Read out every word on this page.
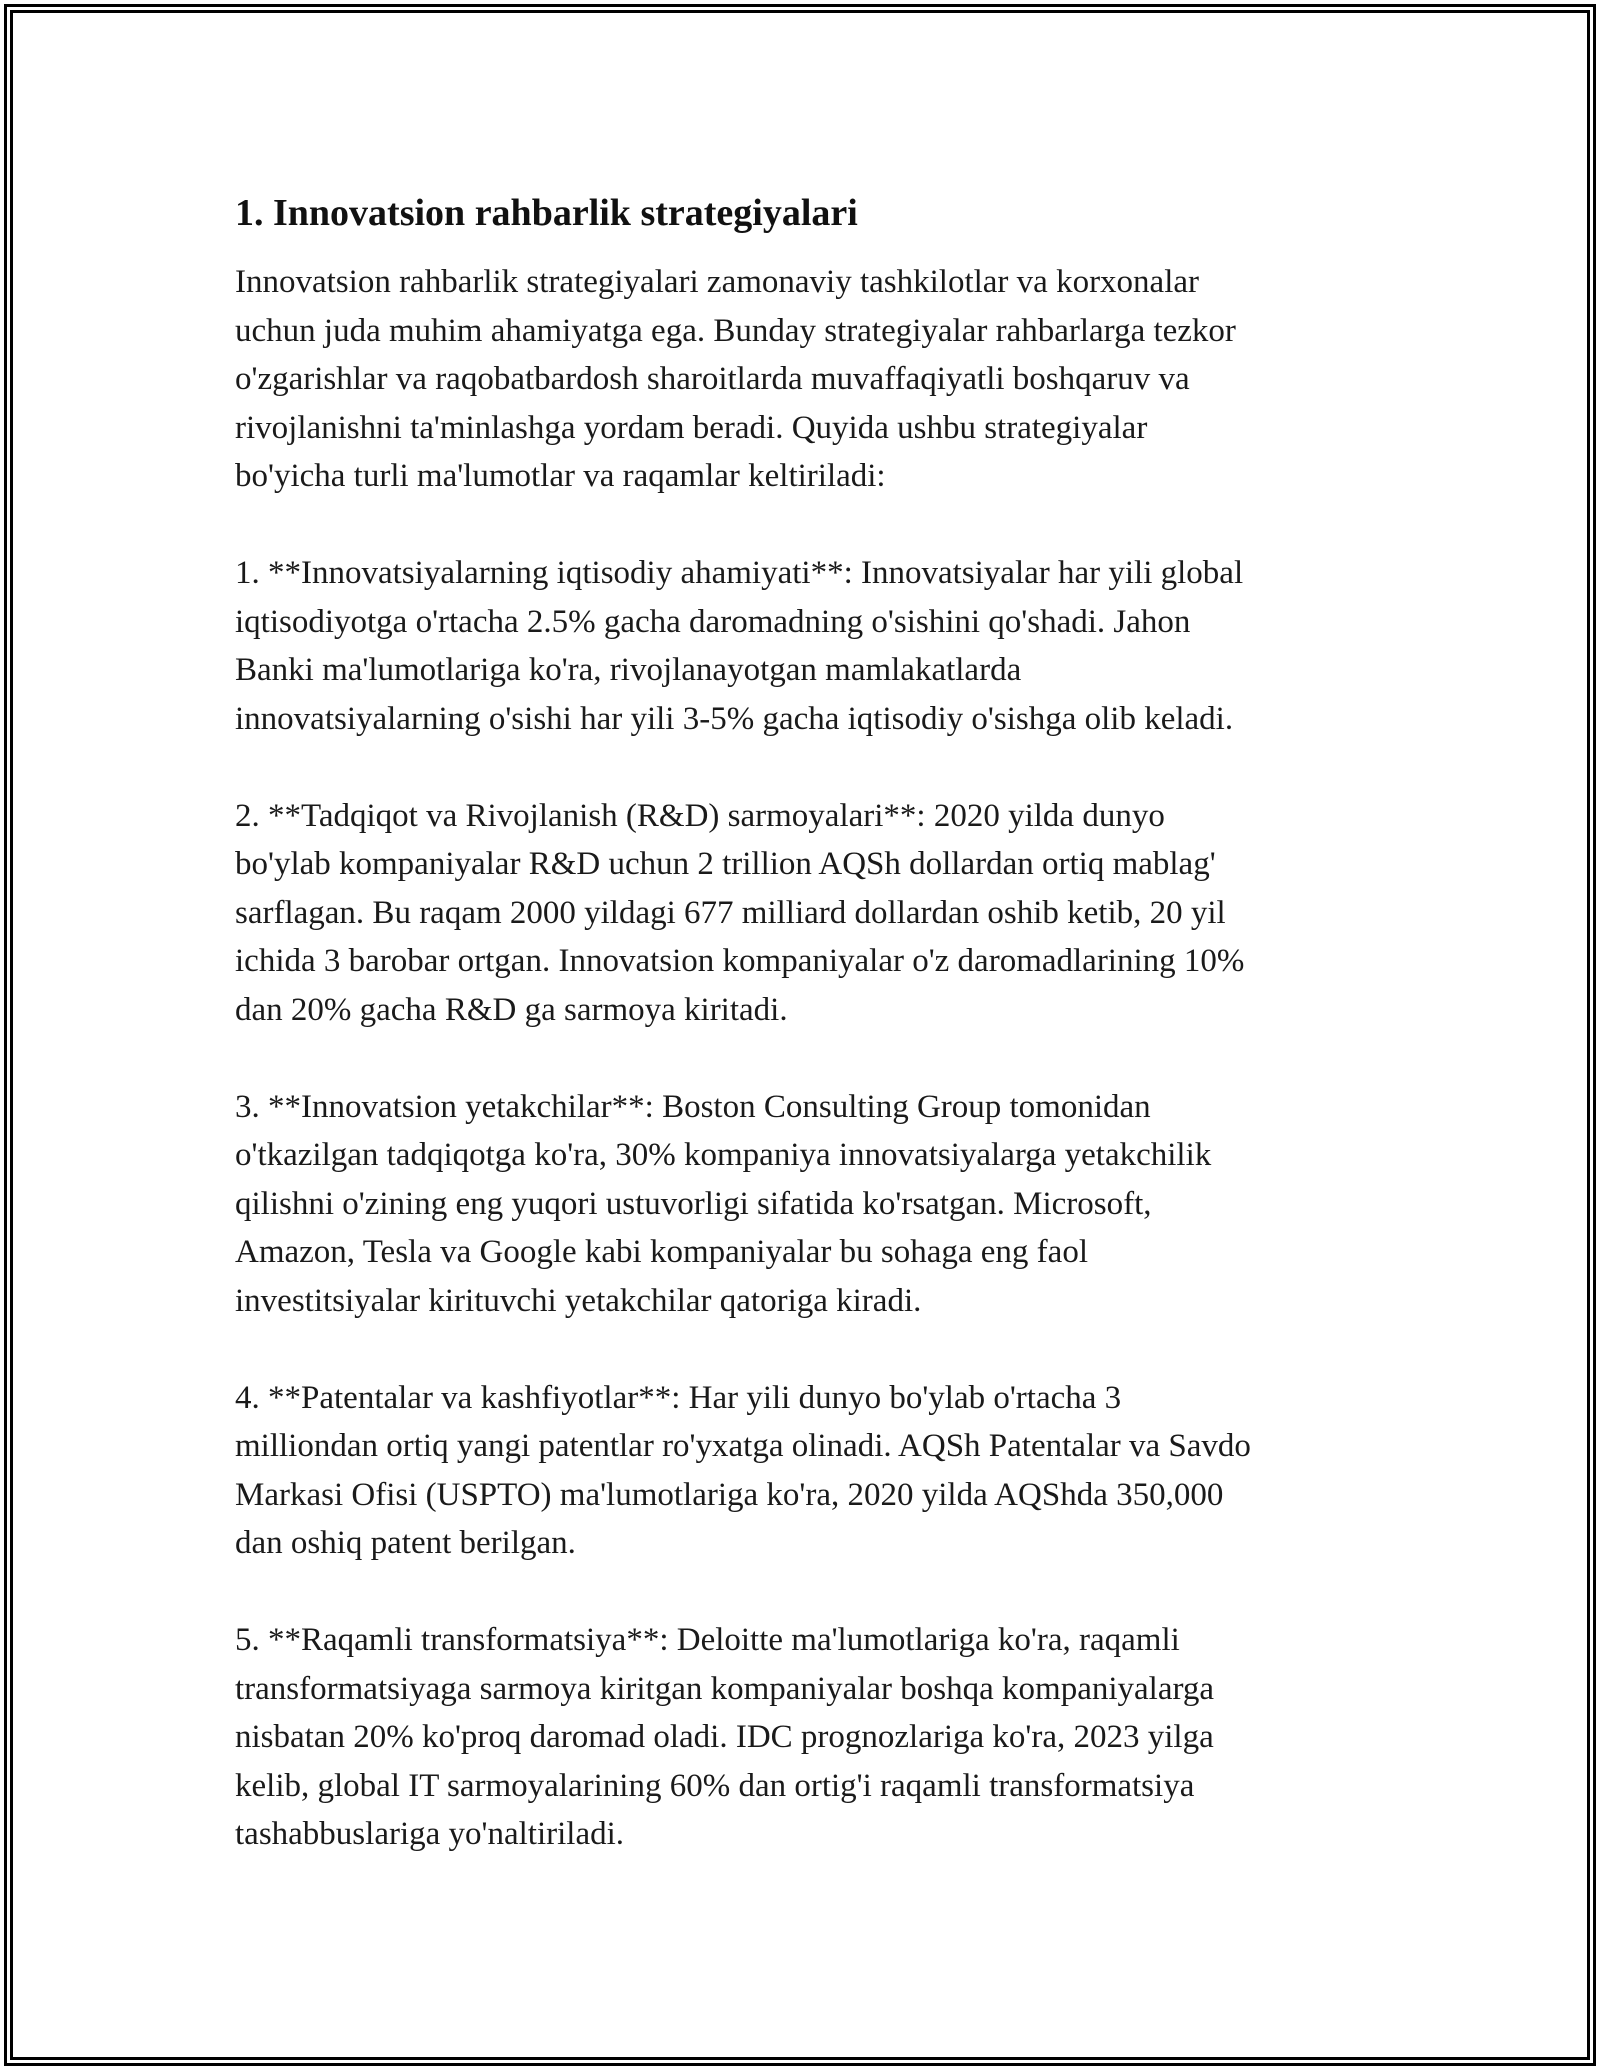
1. Innovatsion rahbarlik strategiyalari

Innovatsion rahbarlik strategiyalari zamonaviy tashkilotlar va korxonalar
uchun juda muhim ahamiyatga ega. Bunday strategiyalar rahbarlarga tezkor
o'zgarishlar va raqobatbardosh sharoitlarda muvaffaqiyatli boshqaruv va
rivojlanishni ta'minlashga yordam beradi. Quyida ushbu strategiyalar
bo'yicha turli ma'lumotlar va raqamlar keltiriladi:

1. **Innovatsiyalarning iqtisodiy ahamiyati**: Innovatsiyalar har yili global
iqtisodiyotga o'rtacha 2.5% gacha daromadning o'sishini qo'shadi. Jahon
Banki ma'lumotlariga ko'ra, rivojlanayotgan mamlakatlarda
innovatsiyalarning o'sishi har yili 3-5% gacha iqtisodiy o'sishga olib keladi.

2. **Tadqiqot va Rivojlanish (R&D) sarmoyalari**: 2020 yilda dunyo
bo'ylab kompaniyalar R&D uchun 2 trillion AQSh dollardan ortiq mablag'
sarflagan. Bu raqam 2000 yildagi 677 milliard dollardan oshib ketib, 20 yil
ichida 3 barobar ortgan. Innovatsion kompaniyalar o'z daromadlarining 10%
dan 20% gacha R&D ga sarmoya kiritadi.

3. **Innovatsion yetakchilar**: Boston Consulting Group tomonidan
o'tkazilgan tadqiqotga ko'ra, 30% kompaniya innovatsiyalarga yetakchilik
qilishni o'zining eng yuqori ustuvorligi sifatida ko'rsatgan. Microsoft,
Amazon, Tesla va Google kabi kompaniyalar bu sohaga eng faol
investitsiyalar kirituvchi yetakchilar qatoriga kiradi.

4. **Patentalar va kashfiyotlar**: Har yili dunyo bo'ylab o'rtacha 3
milliondan ortiq yangi patentlar ro'yxatga olinadi. AQSh Patentalar va Savdo
Markasi Ofisi (USPTO) ma'lumotlariga ko'ra, 2020 yilda AQShda 350,000
dan oshiq patent berilgan.

5. **Raqamli transformatsiya**: Deloitte ma'lumotlariga ko'ra, raqamli
transformatsiyaga sarmoya kiritgan kompaniyalar boshqa kompaniyalarga
nisbatan 20% ko'proq daromad oladi. IDC prognozlariga ko'ra, 2023 yilga
kelib, global IT sarmoyalarining 60% dan ortig'i raqamli transformatsiya
tashabbuslariga yo'naltiriladi.
